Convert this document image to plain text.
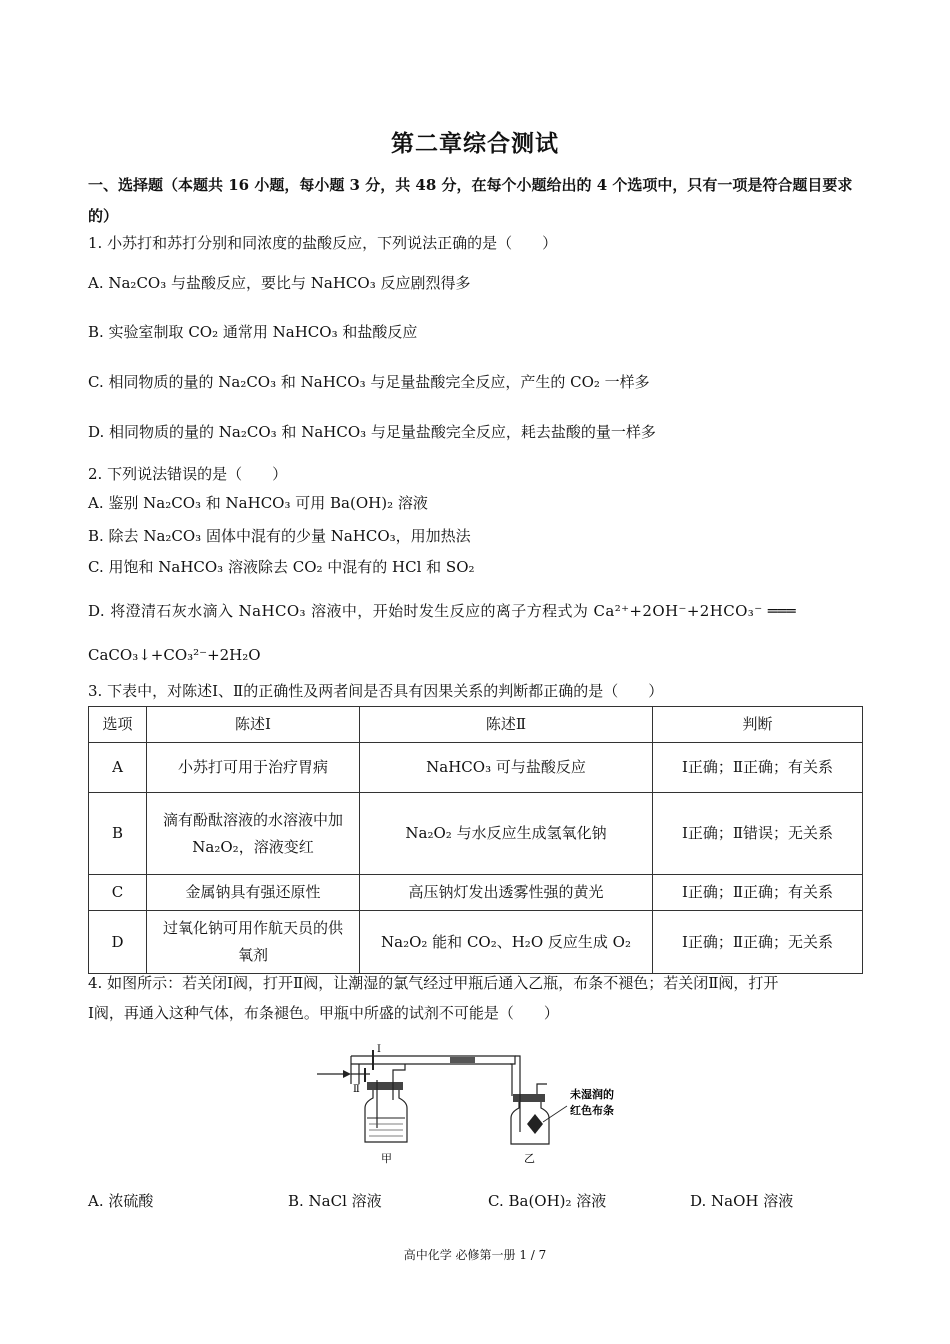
第二章综合测试
一、选择题（本题共 16 小题，每小题 3 分，共 48 分，在每个小题给出的 4 个选项中，只有一项是符合题目要求的）
1. 小苏打和苏打分别和同浓度的盐酸反应，下列说法正确的是（　　）
A. Na₂CO₃ 与盐酸反应，要比与 NaHCO₃ 反应剧烈得多
B. 实验室制取 CO₂ 通常用 NaHCO₃ 和盐酸反应
C. 相同物质的量的 Na₂CO₃ 和 NaHCO₃ 与足量盐酸完全反应，产生的 CO₂ 一样多
D. 相同物质的量的 Na₂CO₃ 和 NaHCO₃ 与足量盐酸完全反应，耗去盐酸的量一样多
2. 下列说法错误的是（　　）
A. 鉴别 Na₂CO₃ 和 NaHCO₃ 可用 Ba(OH)₂ 溶液
B. 除去 Na₂CO₃ 固体中混有的少量 NaHCO₃，用加热法
C. 用饱和 NaHCO₃ 溶液除去 CO₂ 中混有的 HCl 和 SO₂
D. 将澄清石灰水滴入 NaHCO₃ 溶液中，开始时发生反应的离子方程式为 Ca²⁺+2OH⁻+2HCO₃⁻ ═══
CaCO₃↓+CO₃²⁻+2H₂O
3. 下表中，对陈述Ⅰ、Ⅱ的正确性及两者间是否具有因果关系的判断都正确的是（　　）
选项	陈述Ⅰ	陈述Ⅱ	判断
A	小苏打可用于治疗胃病	NaHCO₃ 可与盐酸反应	Ⅰ正确；Ⅱ正确；有关系
B	滴有酚酞溶液的水溶液中加 Na₂O₂，溶液变红	Na₂O₂ 与水反应生成氢氧化钠	Ⅰ正确；Ⅱ错误；无关系
C	金属钠具有强还原性	高压钠灯发出透雾性强的黄光	Ⅰ正确；Ⅱ正确；有关系
D	过氧化钠可用作航天员的供氧剂	Na₂O₂ 能和 CO₂、H₂O 反应生成 O₂	Ⅰ正确；Ⅱ正确；无关系
4. 如图所示：若关闭Ⅰ阀，打开Ⅱ阀，让潮湿的氯气经过甲瓶后通入乙瓶，布条不褪色；若关闭Ⅱ阀，打开
Ⅰ阀，再通入这种气体，布条褪色。甲瓶中所盛的试剂不可能是（　　）
Ⅰ
Ⅱ
甲	乙
未湿润的
红色布条
A. 浓硫酸	B. NaCl 溶液	C. Ba(OH)₂ 溶液	D. NaOH 溶液
高中化学 必修第一册 1 / 7
